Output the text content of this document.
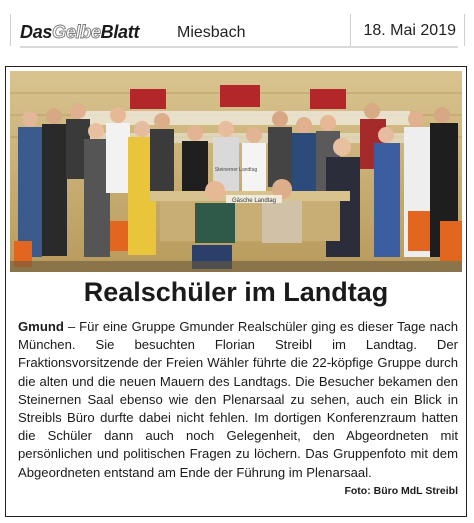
DasGelbeBlatt Miesbach	18. Mai 2019
Gäsche Landtag
Steinerner Landtag
Realschüler im Landtag
Gmund – Für eine Gruppe Gmunder Realschüler ging es dieser Tage nach München. Sie besuchten Florian Streibl im Landtag. Der Fraktionsvorsitzende der Freien Wähler führte die 22-köpfige Gruppe durch die alten und die neuen Mauern des Landtags. Die Besucher bekamen den Steinernen Saal ebenso wie den Plenarsaal zu sehen, auch ein Blick in Streibls Büro durfte dabei nicht fehlen. Im dortigen Konferenzraum hatten die Schüler dann auch noch Gelegenheit, den Abgeordneten mit persönlichen und politischen Fragen zu löchern. Das Gruppenfoto mit dem Abgeordneten entstand am Ende der Führung im Plenarsaal.
Foto: Büro MdL Streibl
